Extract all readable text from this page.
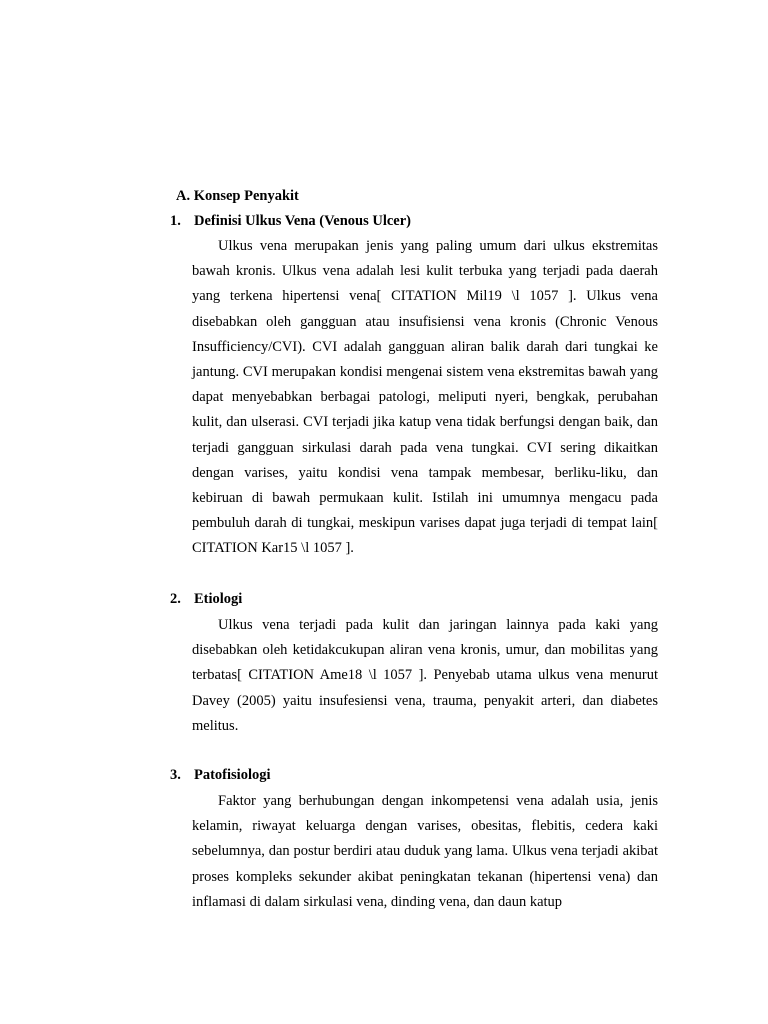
A. Konsep Penyakit
1. Definisi Ulkus Vena (Venous Ulcer)
Ulkus vena merupakan jenis yang paling umum dari ulkus ekstremitas bawah kronis. Ulkus vena adalah lesi kulit terbuka yang terjadi pada daerah yang terkena hipertensi vena[ CITATION Mil19 \l 1057 ]. Ulkus vena disebabkan oleh gangguan atau insufisiensi vena kronis (Chronic Venous Insufficiency/CVI). CVI adalah gangguan aliran balik darah dari tungkai ke jantung. CVI merupakan kondisi mengenai sistem vena ekstremitas bawah yang dapat menyebabkan berbagai patologi, meliputi nyeri, bengkak, perubahan kulit, dan ulserasi. CVI terjadi jika katup vena tidak berfungsi dengan baik, dan terjadi gangguan sirkulasi darah pada vena tungkai. CVI sering dikaitkan dengan varises, yaitu kondisi vena tampak membesar, berliku-liku, dan kebiruan di bawah permukaan kulit. Istilah ini umumnya mengacu pada pembuluh darah di tungkai, meskipun varises dapat juga terjadi di tempat lain[ CITATION Kar15 \l 1057 ].
2. Etiologi
Ulkus vena terjadi pada kulit dan jaringan lainnya pada kaki yang disebabkan oleh ketidakcukupan aliran vena kronis, umur, dan mobilitas yang terbatas[ CITATION Ame18 \l 1057 ]. Penyebab utama ulkus vena menurut Davey (2005) yaitu insufesiensi vena, trauma, penyakit arteri, dan diabetes melitus.
3. Patofisiologi
Faktor yang berhubungan dengan inkompetensi vena adalah usia, jenis kelamin, riwayat keluarga dengan varises, obesitas, flebitis, cedera kaki sebelumnya, dan postur berdiri atau duduk yang lama. Ulkus vena terjadi akibat proses kompleks sekunder akibat peningkatan tekanan (hipertensi vena) dan inflamasi di dalam sirkulasi vena, dinding vena, dan daun katup
